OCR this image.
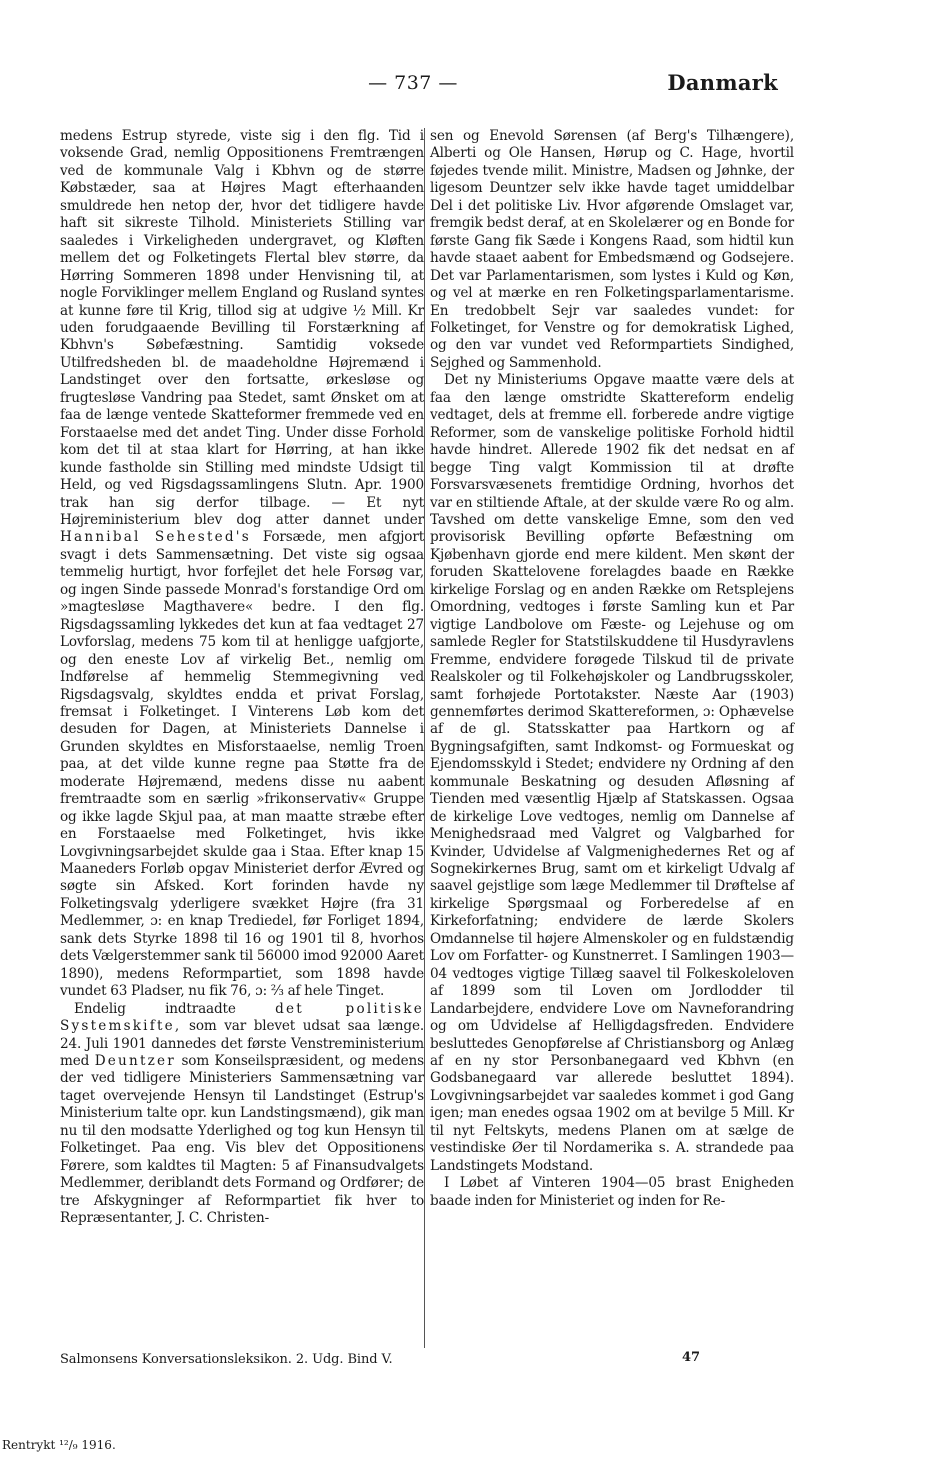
— 737 —	Danmark

medens Estrup styrede, viste sig i den flg. Tid i voksende Grad, nemlig Oppositionens Fremtrængen ved de kommunale Valg i Kbhvn og de større Købstæder, saa at Højres Magt efterhaanden smuldrede hen netop der, hvor det tidligere havde haft sit sikreste Tilhold. Ministeriets Stilling var saaledes i Virkeligheden undergravet, og Kløften mellem det og Folketingets Flertal blev større, da Hørring Sommeren 1898 under Henvisning til, at nogle Forviklinger mellem England og Rusland syntes at kunne føre til Krig, tillod sig at udgive ½ Mill. Kr uden forudgaaende Bevilling til Forstærkning af Kbhvn's Søbefæstning. Samtidig voksede Utilfredsheden bl. de maadeholdne Højremænd i Landstinget over den fortsatte, ørkesløse og frugtesløse Vandring paa Stedet, samt Ønsket om at faa de længe ventede Skatteformer fremmede ved en Forstaaelse med det andet Ting. Under disse Forhold kom det til at staa klart for Hørring, at han ikke kunde fastholde sin Stilling med mindste Udsigt til Held, og ved Rigsdagssamlingens Slutn. Apr. 1900 trak han sig derfor tilbage. — Et nyt Højreministerium blev dog atter dannet under Hannibal Sehested's Forsæde, men afgjort svagt i dets Sammensætning. Det viste sig ogsaa temmelig hurtigt, hvor forfejlet det hele Forsøg var, og ingen Sinde passede Monrad's forstandige Ord om »magtesløse Magthavere« bedre. I den flg. Rigsdagssamling lykkedes det kun at faa vedtaget 27 Lovforslag, medens 75 kom til at henligge uafgjorte, og den eneste Lov af virkelig Bet., nemlig om Indførelse af hemmelig Stemmegivning ved Rigsdagsvalg, skyldtes endda et privat Forslag, fremsat i Folketinget. I Vinterens Løb kom det desuden for Dagen, at Ministeriets Dannelse i Grunden skyldtes en Misforstaaelse, nemlig Troen paa, at det vilde kunne regne paa Støtte fra de moderate Højremænd, medens disse nu aabent fremtraadte som en særlig »frikonservativ« Gruppe og ikke lagde Skjul paa, at man maatte stræbe efter en Forstaaelse med Folketinget, hvis ikke Lovgivningsarbejdet skulde gaa i Staa. Efter knap 15 Maaneders Forløb opgav Ministeriet derfor Ævred og søgte sin Afsked. Kort forinden havde ny Folketingsvalg yderligere svækket Højre (fra 31 Medlemmer, ɔ: en knap Trediedel, før Forliget 1894, sank dets Styrke 1898 til 16 og 1901 til 8, hvorhos dets Vælgerstemmer sank til 56000 imod 92000 Aaret 1890), medens Reformpartiet, som 1898 havde vundet 63 Pladser, nu fik 76, ɔ: ⅔ af hele Tinget.

Endelig indtraadte	det politiske Systemskifte, som var blevet udsat saa længe. 24. Juli 1901 dannedes det første Venstreministerium med Deuntzer som Konseilspræsident, og medens der ved tidligere Ministeriers Sammensætning var taget overvejende Hensyn til Landstinget (Estrup's Ministerium talte opr. kun Landstingsmænd), gik man nu til den modsatte Yderlighed og tog kun Hensyn til Folketinget. Paa eng. Vis blev det Oppositionens Førere, som kaldtes til Magten: 5 af Finansudvalgets Medlemmer, deriblandt dets Formand og Ordfører; de tre Afskygninger af Reformpartiet fik hver to Repræsentanter, J. C. Christen-

sen og Enevold Sørensen (af Berg's Tilhængere), Alberti og Ole Hansen, Hørup og C. Hage, hvortil føjedes tvende milit. Ministre, Madsen og Jøhnke, der ligesom Deuntzer selv ikke havde taget umiddelbar Del i det politiske Liv. Hvor afgørende Omslaget var, fremgik bedst deraf, at en Skolelærer og en Bonde for første Gang fik Sæde i Kongens Raad, som hidtil kun havde staaet aabent for Embedsmænd og Godsejere. Det var Parlamentarismen, som lystes i Kuld og Køn, og vel at mærke en ren Folketingsparlamentarisme. En tredobbelt Sejr var saaledes vundet: for Folketinget, for Venstre og for demokratisk Lighed, og den var vundet ved Reformpartiets Sindighed, Sejghed og Sammenhold.

Det ny Ministeriums Opgave maatte være dels at faa den længe omstridte Skattereform endelig vedtaget, dels at fremme ell. forberede andre vigtige Reformer, som de vanskelige politiske Forhold hidtil havde hindret. Allerede 1902 fik det nedsat en af begge Ting valgt Kommission til at drøfte Forsvarsvæsenets fremtidige Ordning, hvorhos det var en stiltiende Aftale, at der skulde være Ro og alm. Tavshed om dette vanskelige Emne, som den ved provisorisk Bevilling opførte Befæstning om Kjøbenhavn gjorde end mere kildent. Men skønt der foruden Skattelovene forelagdes baade en Række kirkelige Forslag og en anden Række om Retsplejens Omordning, vedtoges i første Samling kun et Par vigtige Landbolove om Fæste- og Lejehuse og om samlede Regler for Statstilskuddene til Husdyravlens Fremme, endvidere forøgede Tilskud til de private Realskoler og til Folkehøjskoler og Landbrugsskoler, samt forhøjede Portotakster. Næste Aar (1903) gennemførtes derimod Skattereformen, ɔ: Ophævelse af de gl. Statsskatter paa Hartkorn og af Bygningsafgiften, samt Indkomst- og Formueskat og Ejendomsskyld i Stedet; endvidere ny Ordning af den kommunale Beskatning og desuden Afløsning af Tienden med væsentlig Hjælp af Statskassen. Ogsaa de kirkelige Love vedtoges, nemlig om Dannelse af Menighedsraad med Valgret og Valgbarhed for Kvinder, Udvidelse af Valgmenighedernes Ret og af Sognekirkernes Brug, samt om et kirkeligt Udvalg af saavel gejstlige som læge Medlemmer til Drøftelse af kirkelige Spørgsmaal og Forberedelse af en Kirkeforfatning; endvidere de lærde Skolers Omdannelse til højere Almenskoler og en fuldstændig Lov om Forfatter- og Kunstnerret. I Samlingen 1903—04 vedtoges vigtige Tillæg saavel til Folkeskoleloven af 1899 som til Loven om Jordlodder til Landarbejdere, endvidere Love om Navneforandring og om Udvidelse af Helligdagsfreden. Endvidere besluttedes Genopførelse af Christiansborg og Anlæg af en ny stor Personbanegaard ved Kbhvn (en Godsbanegaard var allerede besluttet 1894). Lovgivningsarbejdet var saaledes kommet i god Gang igen; man enedes ogsaa 1902 om at bevilge 5 Mill. Kr til nyt Feltskyts, medens Planen om at sælge de vestindiske Øer til Nordamerika s. A. strandede paa Landstingets Modstand.

I Løbet af Vinteren 1904—05 brast Enigheden baade inden for Ministeriet og inden for Re-

Salmonsens Konversationsleksikon. 2. Udg. Bind V.	47
Rentrykt ¹²/₉ 1916.
